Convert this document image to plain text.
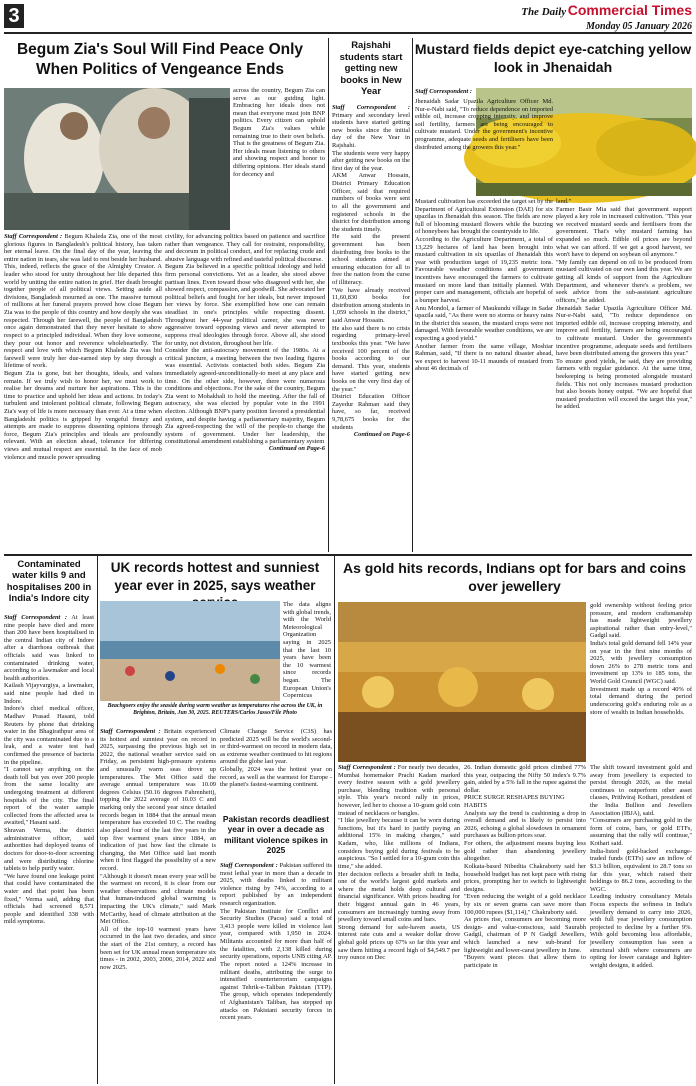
3	The Daily Commercial Times
Monday 05 January 2026
Begum Zia's Soul Will Find Peace Only When Politics of Vengeance Ends

across the country, Begum Zia can serve as our guiding light. Embracing her ideals does not mean that everyone must join BNP politics. Every citizen can uphold Begum Zia's values while remaining true to their own beliefs. That is the greatness of Begum Zia. Her ideals mean listening to others and showing respect and honor to differing opinions. Her ideals stand for decency and

Staff Correspondent : Begum Khaleda Zia, one of the most glorious figures in Bangladesh's political history, has taken her eternal leave. On the final day of the year, leaving the entire nation in tears, she was laid to rest beside her husband. This, indeed, reflects the grace of the Almighty Creator. A leader who stood for unity throughout her life departed this world by uniting the entire nation in grief. Her death brought together people of all political views. Setting aside all divisions, Bangladesh mourned as one. The massive turnout of millions at her funeral prayers proved how close Begum Zia was to the people of this country and how deeply she was respected. Through her farewell, the people of Bangladesh once again demonstrated that they never hesitate to show respect to a principled individual. When they love someone, they pour out honor and reverence wholeheartedly. The respect and love with which Begum Khaleda Zia was bid farewell were truly her due-earned step by step through a lifetime of work.

Begum Zia is gone, but her thoughts, ideals, and values remain. If we truly wish to honor her, we must work to realise her dreams and nurture her aspirations. This is the time to practice and uphold her ideas and actions. In today's turbulent and intolerant political climate, following Begum Zia's way of life is more necessary than ever. At a time when Bangladeshi politics is gripped by vengeful frenzy and attempts are made to suppress dissenting opinions through force, Begum Zia's principles and ideals are profoundly relevant. With an election ahead, tolerance for differing views and mutual respect are essential. In the face of mob violence and muscle power spreading

civility, for advancing politics based on patience and sacrifice rather than vengeance. They call for restraint, responsibility, and decorum in political conduct, and for replacing crude and abusive language with refined and tasteful political discourse.

Begum Zia believed in a specific political ideology and held firm personal convictions. Yet as a leader, she stood above partisan lines. Even toward those who disagreed with her, she showed respect, compassion, and goodwill. She advocated her political beliefs and fought for her ideals, but never imposed her views by force. She exemplified how one can remain steadfast in one's principles while respecting dissent. Throughout her 44-year political career, she was never aggressive toward opposing views and never attempted to suppress rival ideologies through force. Above all, she stood for unity, not division, throughout her life.

Consider the anti-autocracy movement of the 1980s. At a critical juncture, a meeting between the two leading figures was essential. Activists contacted both sides. Begum Zia immediately agreed-unconditionally-to meet at any place and time. On the other side, however, there were numerous conditions and objections. For the sake of the country, Begum Zia went to Mohakhali to hold the meeting. After the fall of autocracy, she was elected by popular vote in the 1991 election. Although BNP's party position favored a presidential system, and despite having a parliamentary majority, Begum Zia agreed-respecting the will of the people-to change the system of government. Under her leadership, the constitutional amendment establishing a parliamentary system

Continued on Page-6
Rajshahi students start getting new books in New Year

Staff Correspondent : Primary and secondary level students have started getting new books since the initial day of the New Year in Rajshahi.

The students were very happy after getting new books on the first day of the year.

AKM Anwar Hossain, District Primary Education Officer, said that required numbers of books were sent to all the government and registered schools in the district for distribution among the students timely.

He said the present government has been distributing free books to the school students aimed at ensuring education for all to free the nation from the curse of illiteracy.

"We have already received 11,60,830 books for distribution among students in 1,059 schools in the district," said Anwar Hossain.

He also said there is no crisis regarding primary-level textbooks this year. "We have received 100 percent of the books according to our demand. This year, students have started getting new books on the very first day of the year."

District Education Officer Zayedur Rahman said they have, so far, received 9,78,675 books for the students

Continued on Page-6
Mustard fields depict eye-catching yellow look in Jhenaidah

Staff Correspondent :

Jhenaidah Sadar Upazila Agriculture Officer Md. Nur-e-Nabi said, "To reduce dependence on imported edible oil, increase cropping intensity, and improve soil fertility, farmers are being encouraged to cultivate mustard. Under the government's incentive programme, adequate seeds and fertilisers have been distributed among the growers this year."

Mustard cultivation has exceeded the target set by the Department of Agricultural Extension (DAE) for six upazilas in Jhenaidah this season. The fields are now full of blooming mustard flowers while the buzzing of honeybees has brought the countryside to life.

According to the Agriculture Department, a total of 13,229 hectares of land has been brought into mustard cultivation in six upazilas of Jhenaidah this year with production target of 19,235 metric tons. Favourable weather conditions and government incentives have encouraged the farmers to cultivate mustard on more land than initially planned. With proper care and management, officials are hopeful of a bumper harvest.

Anu Mondol, a farmer of Maukundu village in Sadar upazila said, "As there were no storms or heavy rains in the district this season, the mustard crops were not damaged. With favourable weather conditions, we are expecting a good yield."

Another farmer from the same village, Moshiar Rahman, said, "If there is no natural disaster ahead, we expect to harvest 10-11 maunds of mustard from about 46 decimals of

land."

Farmer Basir Mia said that government support played a key role in increased cultivation. "This year we received mustard seeds and fertilisers from the government. That's why mustard farming has expanded so much. Edible oil prices are beyond what we can afford. If we get a good harvest, we won't have to depend on soybean oil anymore."

"My family can depend on oil to be produced from mustard cultivated on our own land this year. We are getting all kinds of support from the Agriculture Department, and whenever there's a problem, we seek advice from the sub-assistant agriculture officers," he added.

Jhenaidah Sadar Upazila Agriculture Officer Md. Nur-e-Nabi said, "To reduce dependence on imported edible oil, increase cropping intensity, and improve soil fertility, farmers are being encouraged to cultivate mustard. Under the government's incentive programme, adequate seeds and fertilisers have been distributed among the growers this year."

To ensure good yields, he said, they are providing farmers with regular guidance. At the same time, beekeeping is being promoted alongside mustard fields. This not only increases mustard production but also boosts honey output. "We are hopeful that mustard production will exceed the target this year," he added.

Contaminated water kills 9 and hospitalises 200 in India's Indore city

Staff Correspondent : At least nine people have died and more than 200 have been hospitalised in the central Indian city of Indore after a diarrhoea outbreak that officials said was linked to contaminated drinking water, according to a lawmaker and local health authorities.

Kailash Vijayvargiya, a lawmaker, said nine people had died in Indore.

Indore's chief medical officer, Madhav Prasad Hasani, told Reuters by phone that drinking water in the Bhagirathpur area of the city was contaminated due to a leak, and a water test had confirmed the presence of bacteria in the pipeline.

"I cannot say anything on the death toll but yes over 200 people from the same locality are undergoing treatment at different hospitals of the city. The final report of the water sample collected from the affected area is awaited," Hasani said.

Shravan Verma, the district administrative officer, said authorities had deployed teams of doctors for door-to-door screening and were distributing chlorine tablets to help purify water.

"We have found one leakage point that could have contaminated the water and that point has been fixed," Verma said, adding that officials had screened 8,571 people and identified 338 with mild symptoms.

UK records hottest and sunniest year ever in 2025, says weather

The data aligns with global trends, with the World Meteorological Organization saying in 2025 that the last 10 years have been the 10 warmest since records began. The European Union's Copernicus

Beachgoers enjoy the seaside during warm weather as temperatures rise across the UK, in Brighton, Britain, Jun 30, 2025. REUTERS/Carlos Jasso/File Photo

Staff Correspondent : Britain experienced its hottest and sunniest year on record in 2025, surpassing the previous high set in 2022, the national weather service said on Friday, as persistent high-pressure systems and unusually warm seas drove up temperatures. The Met Office said the average annual temperature was 10.09 degrees Celsius (50.16 degrees Fahrenheit), topping the 2022 average of 10.03 C and marking only the second year since detailed records began in 1884 that the annual mean temperature has exceeded 10 C. The reading also placed four of the last five years in the top five warmest years since 1884, an indication of just how fast the climate is changing, the Met Office said last month when it first flagged the possibility of a new record.

"Although it doesn't mean every year will be the warmest on record, it is clear from our weather observations and climate models that human-induced global warming is impacting the UK's climate," said Mark McCarthy, head of climate attribution at the Met Office.

All of the top-10 warmest years have occurred in the last two decades, and since the start of the 21st century, a record has been set for UK annual mean temperature six times - in 2002, 2003, 2006, 2014, 2022 and now 2025.

Climate Change Service (C3S) has predicted 2025 will be the world's second- or third-warmest on record in modern data, as extreme weather continued to hit regions around the globe last year.

Globally, 2024 was the hottest year on record, as well as the warmest for Europe - the planet's fastest-warming continent.

Pakistan records deadliest year in over a decade as militant violence spikes in 2025

Staff Correspondent : Pakistan suffered its most lethal year in more than a decade in 2025, with deaths linked to militant violence rising by 74%, according to a report published by an independent research organization.

The Pakistan Institute for Conflict and Security Studies (Pacss) said a total of 3,413 people were killed in violence last year, compared with 1,950 in 2024. Militants accounted for more than half of the fatalities, with 2,138 killed during security operations, reports UNB citing AP. The report noted a 124% increase in militant deaths, attributing the surge to intensified counterterrorism campaigns against Tehrik-e-Taliban Pakistan (TTP). The group, which operates independently of Afghanistan's Taliban, has stepped up attacks on Pakistani security forces in recent years.

As gold hits records, Indians opt for bars and coins over jewellery

gold ownership without feeling price pressure, and modern craftsmanship has made lightweight jewellery aspirational rather than entry-level," Gadgil said.

India's total gold demand fell 14% year on year in the first nine months of 2025, with jewellery consumption down 26% to 278 metric tons and investment up 13% to 185 tons, the World Gold Council (WGC) said.

Investment made up a record 40% of total demand during the period underscoring gold's enduring role as a store of wealth in Indian households.

Staff Correspondent : For nearly two decades, Mumbai homemaker Prachi Kadam marked every festive season with a gold jewellery purchase, blending tradition with personal style. This year's record rally in prices, however, led her to choose a 10-gram gold coin instead of necklaces or bangles.

"I like jewellery because it can be worn during functions, but it's hard to justify paying an additional 15% in making charges," said Kadam, who, like millions of Indians, considers buying gold during festivals to be auspicious. "So I settled for a 10-gram coin this time," she added.

Her decision reflects a broader shift in India, one of the world's largest gold markets and where the metal holds deep cultural and financial significance. With prices heading for their biggest annual gain in 46 years, consumers are increasingly turning away from jewellery toward small coins and bars.

Strong demand for safe-haven assets, US interest rate cuts and a weaker dollar drove global gold prices up 67% so far this year and saw them hitting a record high of $4,549.7 per troy ounce on Dec

26. Indian domestic gold prices climbed 77% this year, outpacing the Nifty 50 index's 9.7% gain, aided by a 5% fall in the rupee against the dollar.

PRICE SURGE RESHAPES BUYING HABITS

Analysts say the trend is cushioning a drop in overall demand and is likely to persist into 2026, echoing a global slowdown in ornament purchases as bullion prices soar.

For others, the adjustment means buying less gold rather than abandoning jewellery altogether.

Kolkata-based Nibedita Chakraborty said her household budget has not kept pace with rising prices, prompting her to switch to lightweight designs.

"Even reducing the weight of a gold necklace by six or seven grams can save more than 100,000 rupees ($1,114)," Chakraborty said.

As prices rise, consumers are becoming more design- and value-conscious, said Saurabh Gadgil, chairman of P N Gadgil Jewellers, which launched a new sub-brand for lightweight and lower-carat jewellery in June.

"Buyers want pieces that allow them to participate in

The shift toward investment gold and away from jewellery is expected to persist through 2026, as the metal continues to outperform other asset classes, Prithviraj Kothari, president of the India Bullion and Jewellers Association (IBJA), said.

"Consumers are purchasing gold in the form of coins, bars, or gold ETFs, assuming that the rally will continue," Kothari said.

India-listed gold-backed exchange-traded funds (ETFs) saw an inflow of $3.3 billion, equivalent to 28.7 tons so far this year, which raised their holdings to 86.2 tons, according to the WGC.

Leading industry consultancy Metals Focus expects the softness in India's jewellery demand to carry into 2026, with full year jewellery consumption projected to decline by a further 9%. With gold becoming less affordable, jewellery consumption has seen a structural shift where consumers are opting for lower caratage and lighter-weight designs, it added.
